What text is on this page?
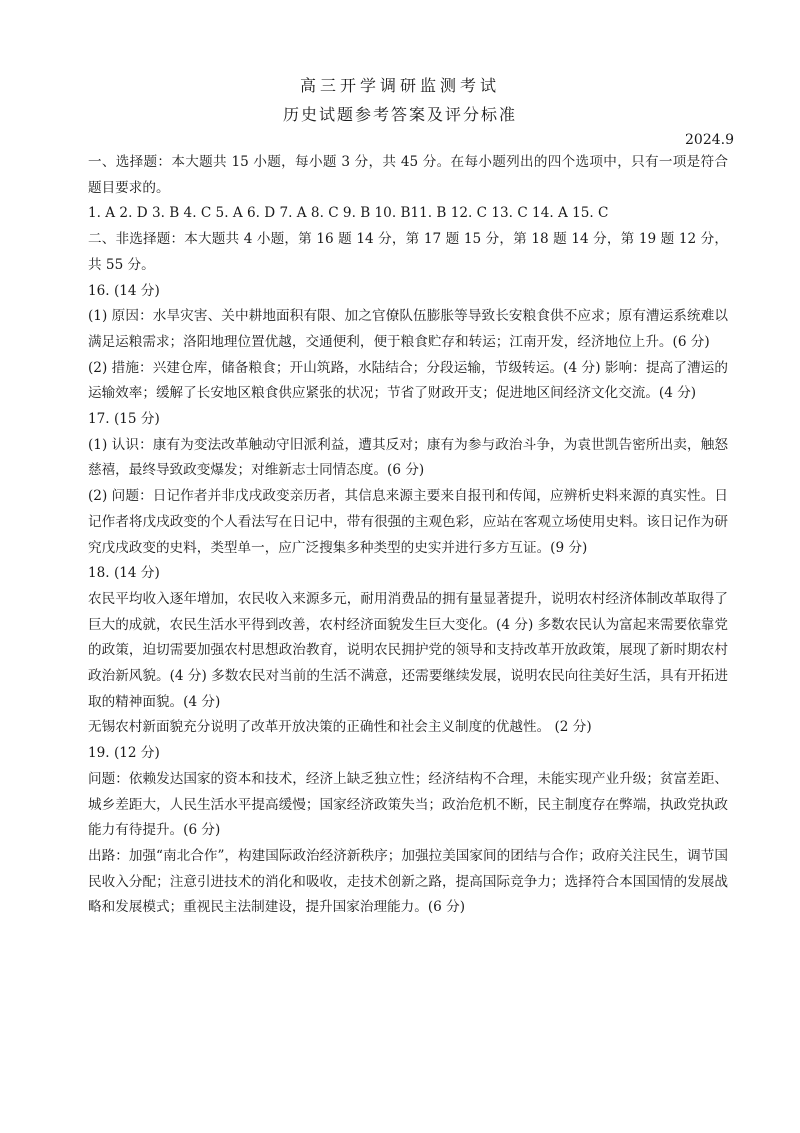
高三开学调研监测考试
历史试题参考答案及评分标准
2024.9

一、选择题：本大题共 15 小题，每小题 3 分，共 45 分。在每小题列出的四个选项中，只有一项是符合题目要求的。

1. A 2. D 3. B 4. C 5. A 6. D 7. A 8. C 9. B 10. B11. B 12. C 13. C 14. A 15. C

二、非选择题：本大题共 4 小题，第 16 题 14 分，第 17 题 15 分，第 18 题 14 分，第 19 题 12 分，共 55 分。

16. (14 分)

(1) 原因：水旱灾害、关中耕地面积有限、加之官僚队伍膨胀等导致长安粮食供不应求；原有漕运系统难以满足运粮需求；洛阳地理位置优越，交通便利，便于粮食贮存和转运；江南开发，经济地位上升。(6 分)

(2) 措施：兴建仓库，储备粮食；开山筑路，水陆结合；分段运输，节级转运。(4 分) 影响：提高了漕运的运输效率；缓解了长安地区粮食供应紧张的状况；节省了财政开支；促进地区间经济文化交流。(4 分)

17. (15 分)

(1) 认识：康有为变法改革触动守旧派利益，遭其反对；康有为参与政治斗争，为袁世凯告密所出卖，触怒慈禧，最终导致政变爆发；对维新志士同情态度。(6 分)

(2) 问题：日记作者并非戊戌政变亲历者，其信息来源主要来自报刊和传闻，应辨析史料来源的真实性。日记作者将戊戌政变的个人看法写在日记中，带有很强的主观色彩，应站在客观立场使用史料。该日记作为研究戊戌政变的史料，类型单一，应广泛搜集多种类型的史实并进行多方互证。(9 分)

18. (14 分)

农民平均收入逐年增加，农民收入来源多元，耐用消费品的拥有量显著提升，说明农村经济体制改革取得了巨大的成就，农民生活水平得到改善，农村经济面貌发生巨大变化。(4 分) 多数农民认为富起来需要依靠党的政策，迫切需要加强农村思想政治教育，说明农民拥护党的领导和支持改革开放政策，展现了新时期农村政治新风貌。(4 分) 多数农民对当前的生活不满意，还需要继续发展，说明农民向往美好生活，具有开拓进取的精神面貌。(4 分)

无锡农村新面貌充分说明了改革开放决策的正确性和社会主义制度的优越性。 (2 分)

19. (12 分)

问题：依赖发达国家的资本和技术，经济上缺乏独立性；经济结构不合理，未能实现产业升级；贫富差距、城乡差距大，人民生活水平提高缓慢；国家经济政策失当；政治危机不断，民主制度存在弊端，执政党执政能力有待提升。(6 分)

出路：加强“南北合作”，构建国际政治经济新秩序；加强拉美国家间的团结与合作；政府关注民生，调节国民收入分配；注意引进技术的消化和吸收，走技术创新之路，提高国际竞争力；选择符合本国国情的发展战略和发展模式；重视民主法制建设，提升国家治理能力。(6 分)
